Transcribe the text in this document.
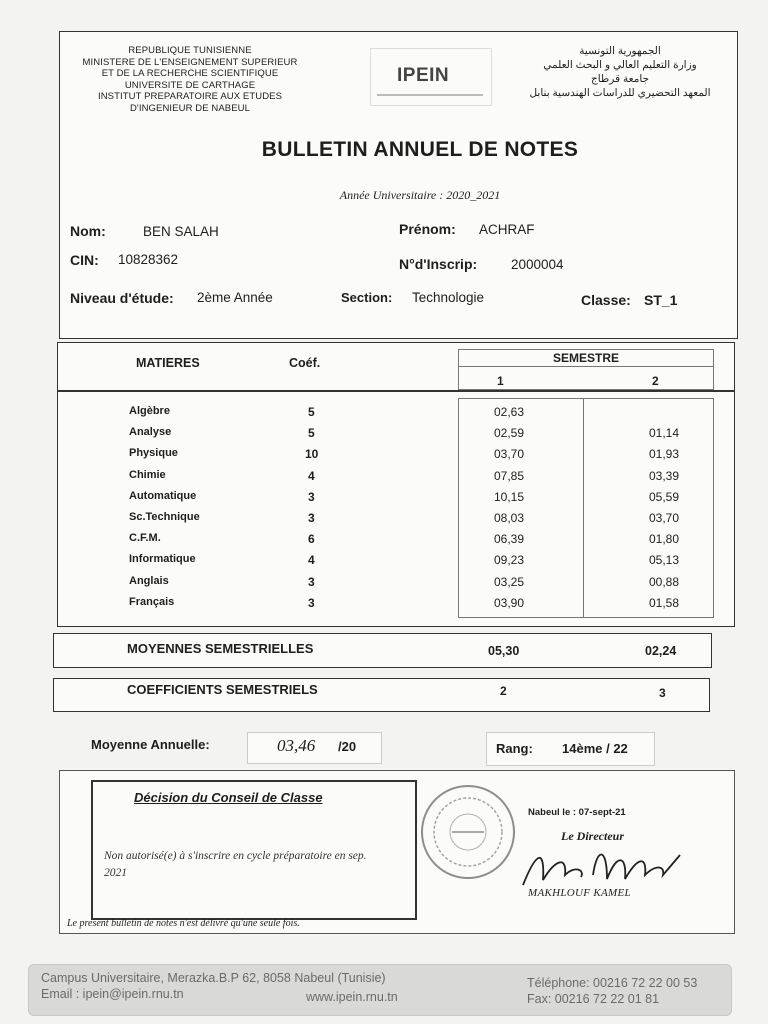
REPUBLIQUE TUNISIENNE
MINISTERE DE L'ENSEIGNEMENT SUPERIEUR
ET DE LA RECHERCHE SCIENTIFIQUE
UNIVERSITE DE CARTHAGE
INSTITUT PREPARATOIRE AUX ETUDES
D'INGENIEUR DE NABEUL
IPEIN
الجمهورية التونسية
وزارة التعليم العالي و البحث العلمي
جامعة قرطاج
المعهد التحضيري للدراسات الهندسية بنابل
BULLETIN ANNUEL DE NOTES
Année Universitaire : 2020_2021
Nom:	BEN SALAH	Prénom: ACHRAF
CIN: 10828362	N°d'Inscrip:	2000004
Niveau d'étude: 2ème Année	Section: Technologie	Classe: ST_1
MATIERES	Coéf.	SEMESTRE
1	2
Algèbre	5	02,63
Analyse	5	02,59	01,14
Physique	10	03,70	01,93
Chimie	4	07,85	03,39
Automatique	3	10,15	05,59
Sc.Technique	3	08,03	03,70
C.F.M.	6	06,39	01,80
Informatique	4	09,23	05,13
Anglais	3	03,25	00,88
Français	3	03,90	01,58
MOYENNES SEMESTRIELLES	05,30	02,24
COEFFICIENTS SEMESTRIELS	2	3
Moyenne Annuelle:	03,46 /20	Rang: 14ème / 22
Décision du Conseil de Classe
Non autorisé(e) à s'inscrire en cycle préparatoire en sep. 2021
Nabeul le : 07-sept-21
Le Directeur
MAKHLOUF KAMEL
Le present bulletin de notes n'est délivré qu'une seule fois.
Campus Universitaire, Merazka.B.P 62, 8058 Nabeul (Tunisie)
Email : ipein@ipein.rnu.tn	www.ipein.rnu.tn
Téléphone: 00216 72 22 00 53
Fax: 00216 72 22 01 81
